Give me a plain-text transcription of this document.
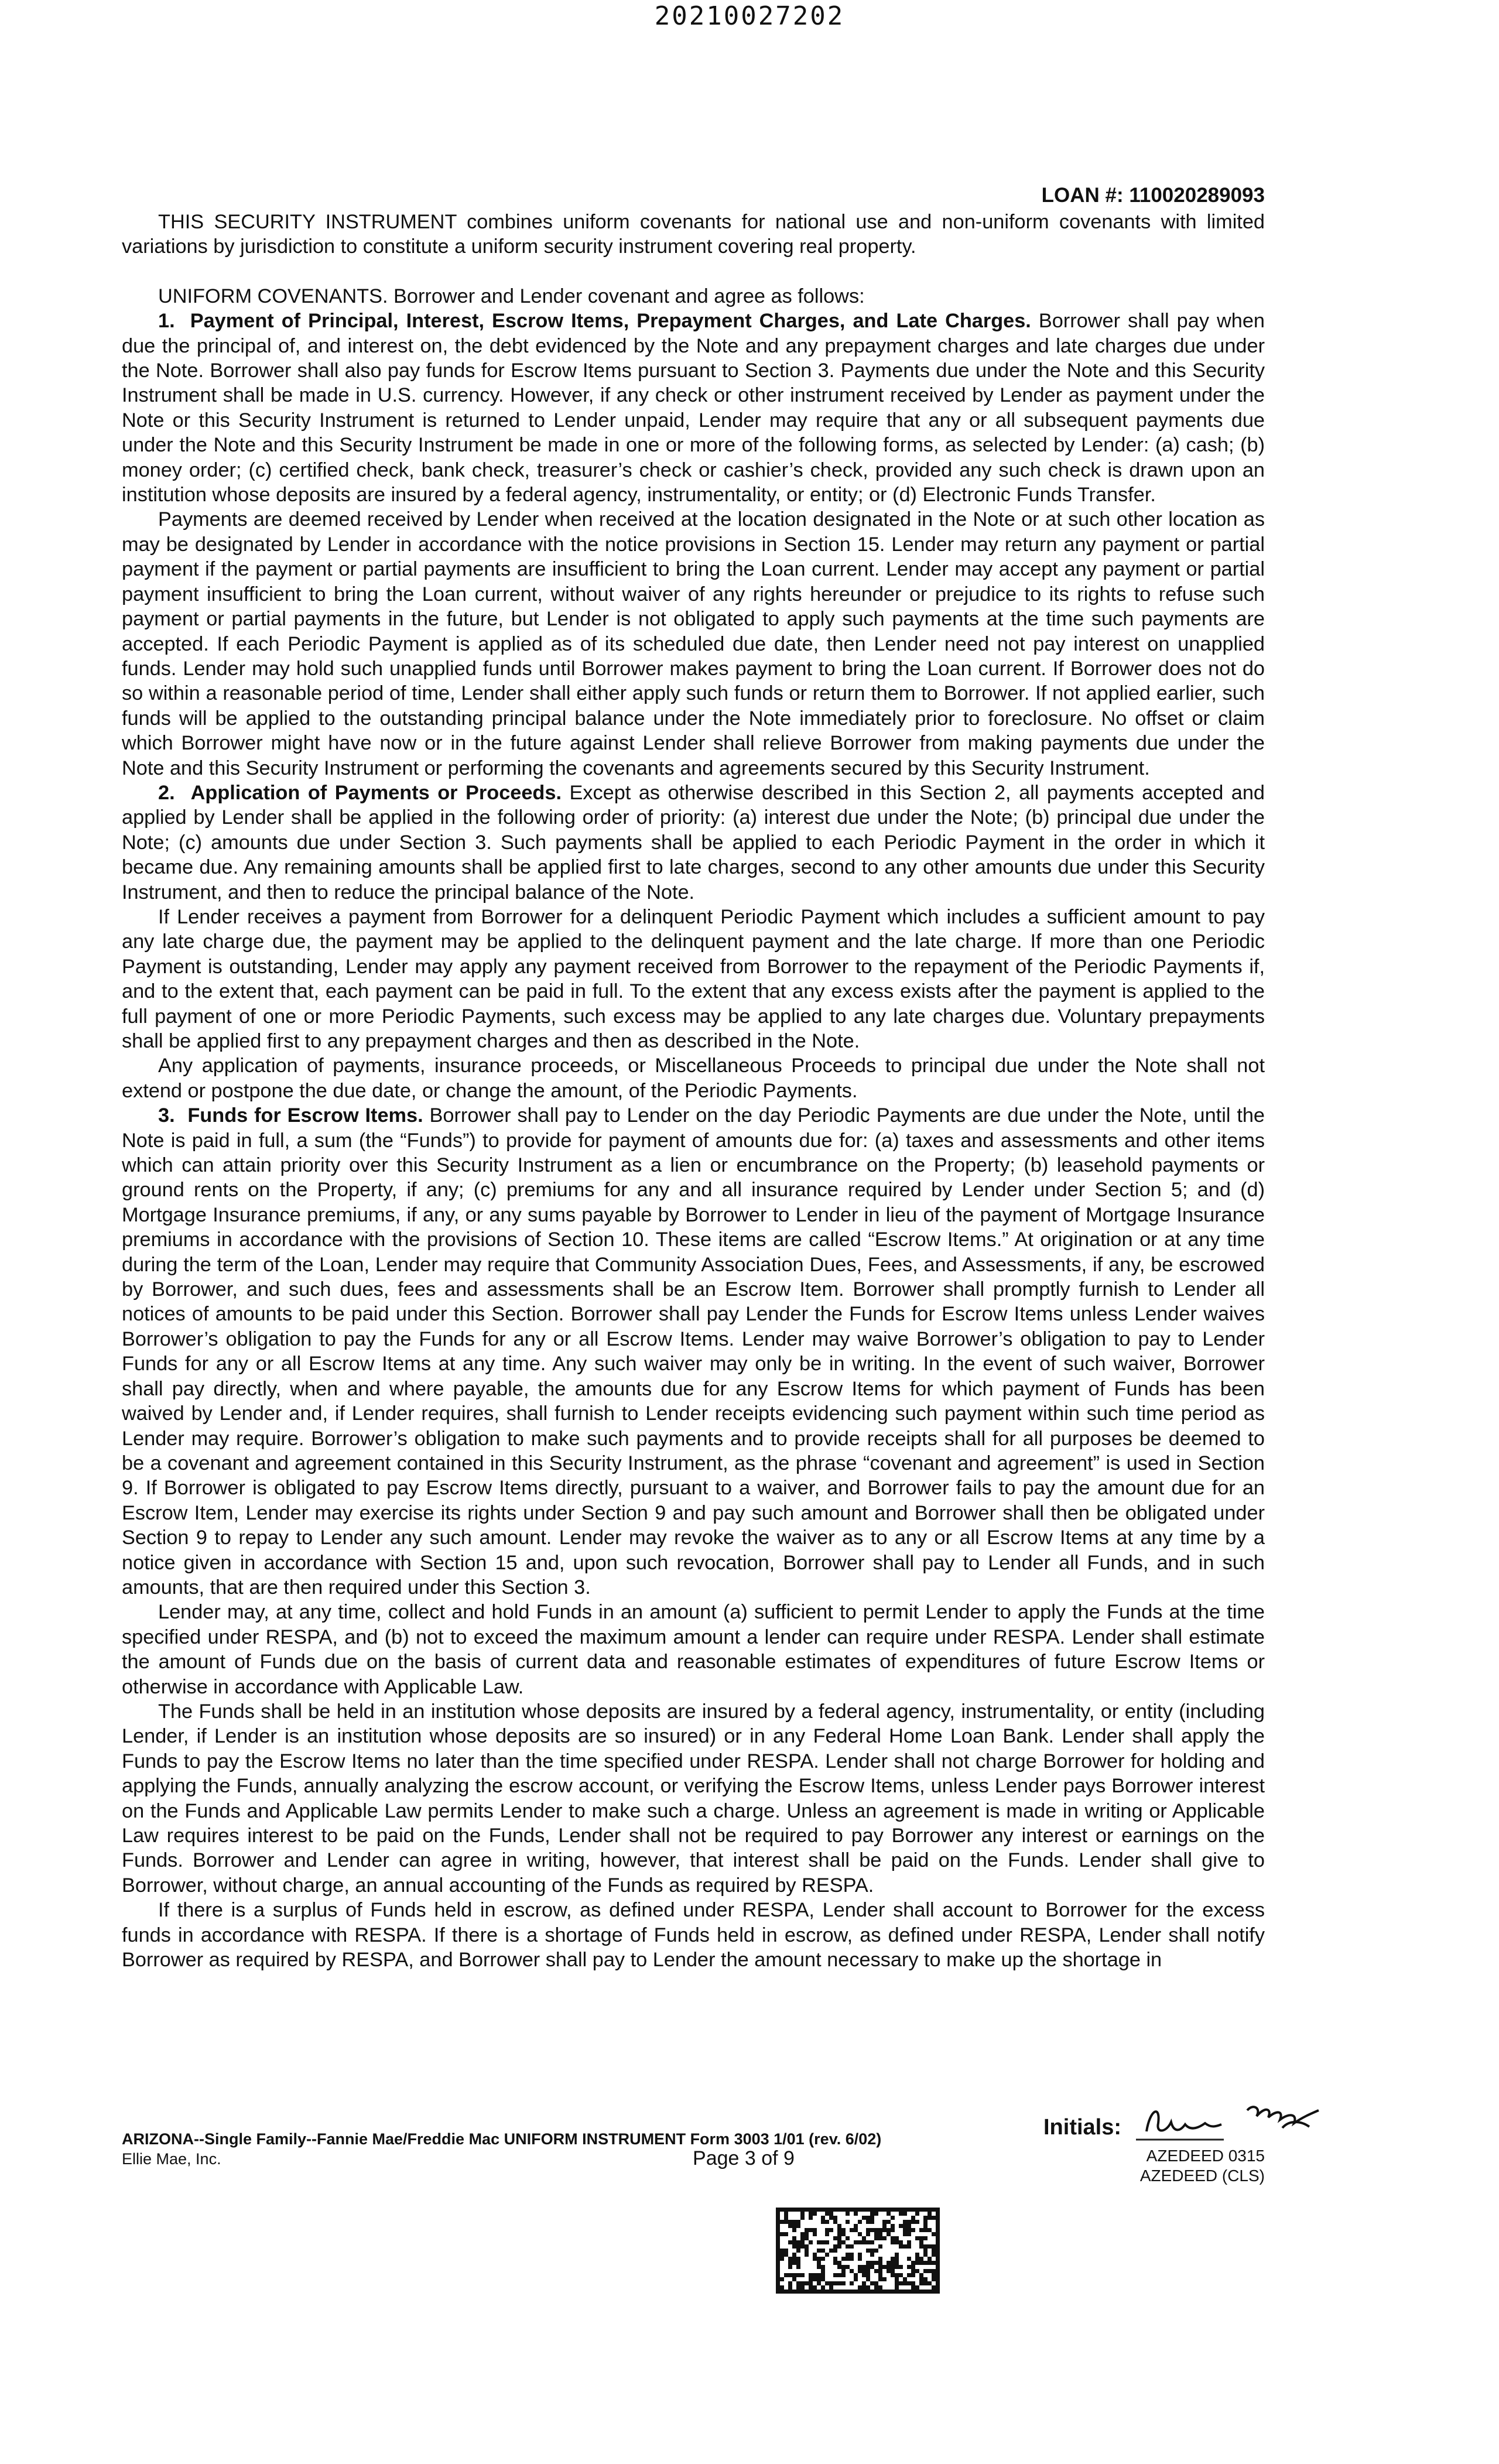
20210027202
LOAN #: 110020289093

THIS SECURITY INSTRUMENT combines uniform covenants for national use and non-uniform covenants with limited variations by jurisdiction to constitute a uniform security instrument covering real property.

UNIFORM COVENANTS. Borrower and Lender covenant and agree as follows:

1. Payment of Principal, Interest, Escrow Items, Prepayment Charges, and Late Charges. Borrower shall pay when due the principal of, and interest on, the debt evidenced by the Note and any prepayment charges and late charges due under the Note. Borrower shall also pay funds for Escrow Items pursuant to Section 3. Payments due under the Note and this Security Instrument shall be made in U.S. currency. However, if any check or other instrument received by Lender as payment under the Note or this Security Instrument is returned to Lender unpaid, Lender may require that any or all subsequent payments due under the Note and this Security Instrument be made in one or more of the following forms, as selected by Lender: (a) cash; (b) money order; (c) certified check, bank check, treasurer’s check or cashier’s check, provided any such check is drawn upon an institution whose deposits are insured by a federal agency, instrumentality, or entity; or (d) Electronic Funds Transfer.

Payments are deemed received by Lender when received at the location designated in the Note or at such other location as may be designated by Lender in accordance with the notice provisions in Section 15. Lender may return any payment or partial payment if the payment or partial payments are insufficient to bring the Loan current. Lender may accept any payment or partial payment insufficient to bring the Loan current, without waiver of any rights hereunder or prejudice to its rights to refuse such payment or partial payments in the future, but Lender is not obligated to apply such payments at the time such payments are accepted. If each Periodic Payment is applied as of its scheduled due date, then Lender need not pay interest on unapplied funds. Lender may hold such unapplied funds until Borrower makes payment to bring the Loan current. If Borrower does not do so within a reasonable period of time, Lender shall either apply such funds or return them to Borrower. If not applied earlier, such funds will be applied to the outstanding principal balance under the Note immediately prior to foreclosure. No offset or claim which Borrower might have now or in the future against Lender shall relieve Borrower from making payments due under the Note and this Security Instrument or performing the covenants and agreements secured by this Security Instrument.

2. Application of Payments or Proceeds. Except as otherwise described in this Section 2, all payments accepted and applied by Lender shall be applied in the following order of priority: (a) interest due under the Note; (b) principal due under the Note; (c) amounts due under Section 3. Such payments shall be applied to each Periodic Payment in the order in which it became due. Any remaining amounts shall be applied first to late charges, second to any other amounts due under this Security Instrument, and then to reduce the principal balance of the Note.

If Lender receives a payment from Borrower for a delinquent Periodic Payment which includes a sufficient amount to pay any late charge due, the payment may be applied to the delinquent payment and the late charge. If more than one Periodic Payment is outstanding, Lender may apply any payment received from Borrower to the repayment of the Periodic Payments if, and to the extent that, each payment can be paid in full. To the extent that any excess exists after the payment is applied to the full payment of one or more Periodic Payments, such excess may be applied to any late charges due. Voluntary prepayments shall be applied first to any prepayment charges and then as described in the Note.

Any application of payments, insurance proceeds, or Miscellaneous Proceeds to principal due under the Note shall not extend or postpone the due date, or change the amount, of the Periodic Payments.

3. Funds for Escrow Items. Borrower shall pay to Lender on the day Periodic Payments are due under the Note, until the Note is paid in full, a sum (the “Funds”) to provide for payment of amounts due for: (a) taxes and assessments and other items which can attain priority over this Security Instrument as a lien or encumbrance on the Property; (b) leasehold payments or ground rents on the Property, if any; (c) premiums for any and all insurance required by Lender under Section 5; and (d) Mortgage Insurance premiums, if any, or any sums payable by Borrower to Lender in lieu of the payment of Mortgage Insurance premiums in accordance with the provisions of Section 10. These items are called “Escrow Items.” At origination or at any time during the term of the Loan, Lender may require that Community Association Dues, Fees, and Assessments, if any, be escrowed by Borrower, and such dues, fees and assessments shall be an Escrow Item. Borrower shall promptly furnish to Lender all notices of amounts to be paid under this Section. Borrower shall pay Lender the Funds for Escrow Items unless Lender waives Borrower’s obligation to pay the Funds for any or all Escrow Items. Lender may waive Borrower’s obligation to pay to Lender Funds for any or all Escrow Items at any time. Any such waiver may only be in writing. In the event of such waiver, Borrower shall pay directly, when and where payable, the amounts due for any Escrow Items for which payment of Funds has been waived by Lender and, if Lender requires, shall furnish to Lender receipts evidencing such payment within such time period as Lender may require. Borrower’s obligation to make such payments and to provide receipts shall for all purposes be deemed to be a covenant and agreement contained in this Security Instrument, as the phrase “covenant and agreement” is used in Section 9. If Borrower is obligated to pay Escrow Items directly, pursuant to a waiver, and Borrower fails to pay the amount due for an Escrow Item, Lender may exercise its rights under Section 9 and pay such amount and Borrower shall then be obligated under Section 9 to repay to Lender any such amount. Lender may revoke the waiver as to any or all Escrow Items at any time by a notice given in accordance with Section 15 and, upon such revocation, Borrower shall pay to Lender all Funds, and in such amounts, that are then required under this Section 3.

Lender may, at any time, collect and hold Funds in an amount (a) sufficient to permit Lender to apply the Funds at the time specified under RESPA, and (b) not to exceed the maximum amount a lender can require under RESPA. Lender shall estimate the amount of Funds due on the basis of current data and reasonable estimates of expenditures of future Escrow Items or otherwise in accordance with Applicable Law.

The Funds shall be held in an institution whose deposits are insured by a federal agency, instrumentality, or entity (including Lender, if Lender is an institution whose deposits are so insured) or in any Federal Home Loan Bank. Lender shall apply the Funds to pay the Escrow Items no later than the time specified under RESPA. Lender shall not charge Borrower for holding and applying the Funds, annually analyzing the escrow account, or verifying the Escrow Items, unless Lender pays Borrower interest on the Funds and Applicable Law permits Lender to make such a charge. Unless an agreement is made in writing or Applicable Law requires interest to be paid on the Funds, Lender shall not be required to pay Borrower any interest or earnings on the Funds. Borrower and Lender can agree in writing, however, that interest shall be paid on the Funds. Lender shall give to Borrower, without charge, an annual accounting of the Funds as required by RESPA.

If there is a surplus of Funds held in escrow, as defined under RESPA, Lender shall account to Borrower for the excess funds in accordance with RESPA. If there is a shortage of Funds held in escrow, as defined under RESPA, Lender shall notify Borrower as required by RESPA, and Borrower shall pay to Lender the amount necessary to make up the shortage in

ARIZONA--Single Family--Fannie Mae/Freddie Mac UNIFORM INSTRUMENT Form 3003 1/01 (rev. 6/02)
Ellie Mae, Inc.	Page 3 of 9
Initials:
AZEDEED 0315
AZEDEED (CLS)
